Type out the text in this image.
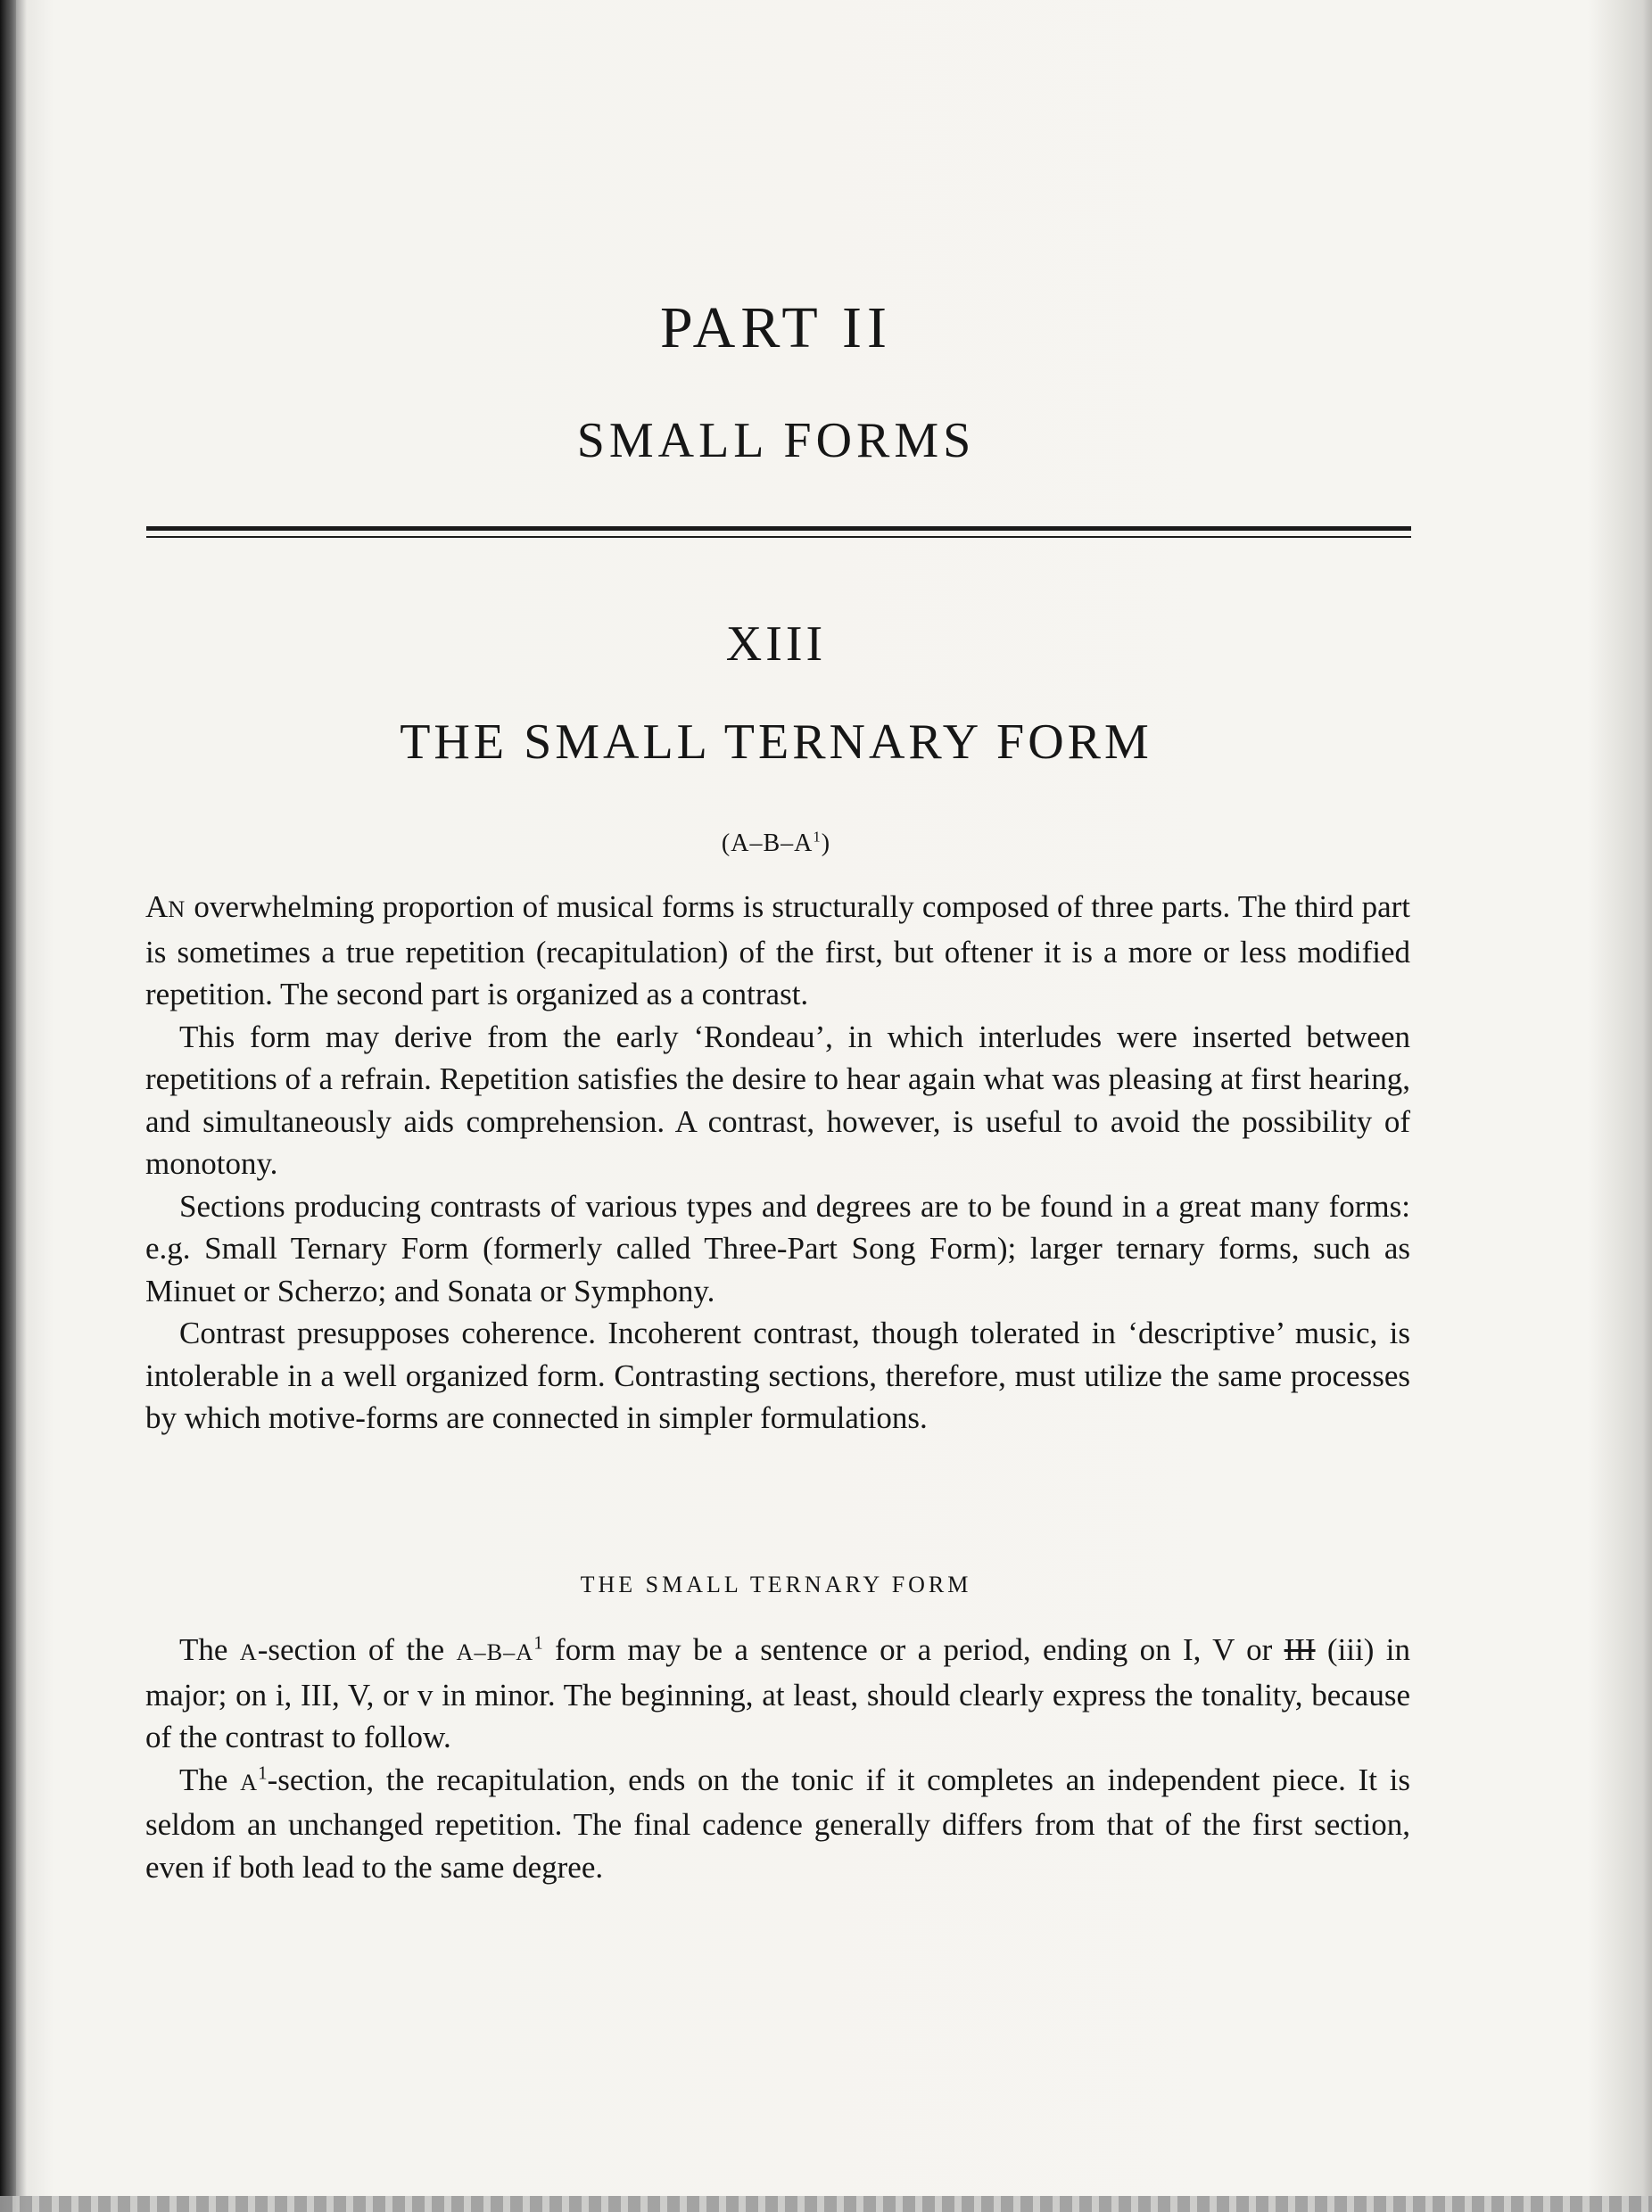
PART II
SMALL FORMS
XIII
THE SMALL TERNARY FORM
$(A-B-A^1)$

AN overwhelming proportion of musical forms is structurally composed of three parts. The third part is sometimes a true repetition (recapitulation) of the first, but oftener it is a more or less modified repetition. The second part is organized as a contrast.

This form may derive from the early ‘Rondeau’, in which interludes were inserted between repetitions of a refrain. Repetition satisfies the desire to hear again what was pleasing at first hearing, and simultaneously aids comprehension. A contrast, however, is useful to avoid the possibility of monotony.

Sections producing contrasts of various types and degrees are to be found in a great many forms: e.g. Small Ternary Form (formerly called Three-Part Song Form); larger ternary forms, such as Minuet or Scherzo; and Sonata or Symphony.

Contrast presupposes coherence. Incoherent contrast, though tolerated in ‘descriptive’ music, is intolerable in a well organized form. Contrasting sections, therefore, must utilize the same processes by which motive-forms are connected in simpler formulations.

THE SMALL TERNARY FORM

The A-section of the $A-B-A^1$ form may be a sentence or a period, ending on I, V or III (iii) in major; on i, III, V, or v in minor. The beginning, at least, should clearly express the tonality, because of the contrast to follow.

The $A^1$-section, the recapitulation, ends on the tonic if it completes an independent piece. It is seldom an unchanged repetition. The final cadence generally differs from that of the first section, even if both lead to the same degree.
